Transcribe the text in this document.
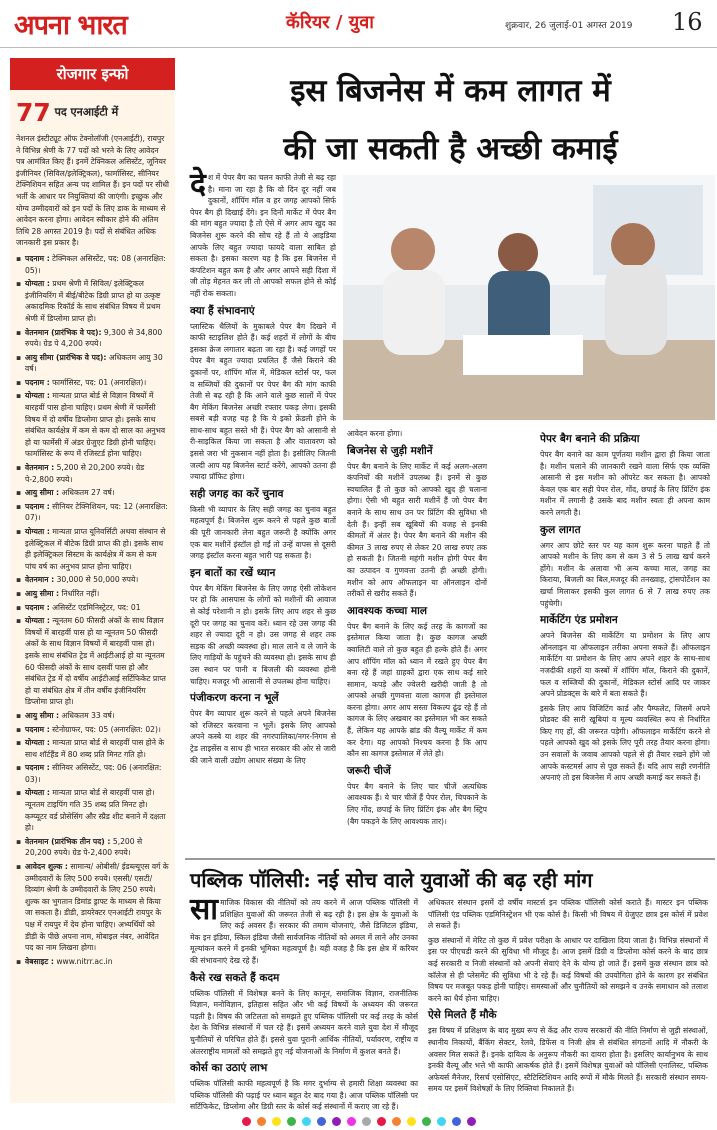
अपना भारत	कॅरियर / युवा	शुक्रवार, 26 जुलाई-01 अगस्त 2019 16
रोजगार इन्फो
77 पद एनआईटी में

नेशनल इंस्टीट्यूट ऑफ टेक्नोलॉजी (एनआईटी), रायपुर ने विभिन्न श्रेणी के 77 पदों को भरने के लिए आवेदन पत्र आमंत्रित किए हैं। इनमें टेक्निकल असिस्टेंट, जूनियर इंजीनियर (सिविल/इलेक्ट्रिकल), फार्मासिस्ट, सीनियर टेक्निशियन सहित अन्य पद शामिल हैं। इन पदों पर सीधी भर्ती के आधार पर नियुक्तियां की जाएंगी। इच्छुक और योग्य उम्मीदवारों को इन पदों के लिए डाक के माध्यम से आवेदन करना होगा। आवेदन स्वीकार होने की अंतिम तिथि 28 अगस्त 2019 है। पदों से संबंधित अधिक जानकारी इस प्रकार है।

▪ पदनाम : टेक्निकल असिस्टेंट, पद: 08 (अनारक्षित: 05)।
▪ योग्यता : प्रथम श्रेणी में सिविल/ इलेक्ट्रिकल इंजीनियरिंग में बीई/बीटेक डिग्री प्राप्त हो या उत्कृष्ट अकादमिक रिकॉर्ड के साथ संबंधित विषय में प्रथम श्रेणी में डिप्लोमा प्राप्त हो।
▪ वेतनमान (प्रारंभिक वे पद): 9,300 से 34,800 रुपये। ग्रेड पे 4,200 रुपये।
▪ आयु सीमा (प्रारंभिक वे पद): अधिकतम आयु 30 वर्ष।
▪ पदनाम : फार्मासिस्ट, पद: 01 (अनारक्षित)।
▪ योग्यता : मान्यता प्राप्त बोर्ड से विज्ञान विषयों में बारहवीं पास होना चाहिए। प्रथम श्रेणी में फार्मेसी विषय में दो वर्षीय डिप्लोमा प्राप्त हो। इसके साथ संबंधित कार्यक्षेत्र में कम से कम दो साल का अनुभव हो या फार्मेसी में अंडर ग्रेजुएट डिग्री होनी चाहिए। फार्मासिस्ट के रूप में रजिस्टर्ड होना चाहिए।
▪ वेतनमान : 5,200 से 20,200 रुपये। ग्रेड पे-2,800 रुपये।
▪ आयु सीमा : अधिकतम 27 वर्ष।
▪ पदनाम : सीनियर टेक्निशियन, पद: 12 (अनारक्षित: 07)।
▪ योग्यता : मान्यता प्राप्त यूनिवर्सिटी अथवा संस्थान से इलेक्ट्रिकल में बीटेक डिग्री प्राप्त की हो। इसके साथ ही इलेक्ट्रिकल सिस्टम के कार्यक्षेत्र में कम से कम पांच वर्ष का अनुभव प्राप्त होना चाहिए।
▪ वेतनमान : 30,000 से 50,000 रुपये।
▪ आयु सीमा : निर्धारित नहीं।
▪ पदनाम : असिस्टेंट एडमिनिस्ट्रेटर, पद: 01
▪ योग्यता : न्यूनतम 60 फीसदी अंकों के साथ विज्ञान विषयों में बारहवीं पास हो या न्यूनतम 50 फीसदी अंकों के साथ विज्ञान विषयों में बारहवीं पास हो। इसके साथ संबंधित ट्रेड में आईटीआई हो या न्यूनतम 60 फीसदी अंकों के साथ दसवीं पास हो और संबंधित ट्रेड में दो वर्षीय आईटीआई सर्टिफिकेट प्राप्त हो या संबंधित क्षेत्र में तीन वर्षीय इंजीनियरिंग डिप्लोमा प्राप्त हो।
▪ आयु सीमा : अधिकतम 33 वर्ष।
▪ पदनाम : स्टेनोग्राफर, पद: 05 (अनारक्षित: 02)।
▪ योग्यता : मान्यता प्राप्त बोर्ड से बारहवीं पास होने के साथ शॉर्टहैंड में 80 शब्द प्रति मिनट गति हो।
▪ पदनाम : सीनियर असिस्टेंट, पद: 06 (अनारक्षित: 03)।
▪ योग्यता : मान्यता प्राप्त बोर्ड से बारहवीं पास हो। न्यूनतम टाइपिंग गति 35 शब्द प्रति मिनट हो। कम्प्यूटर वर्ड प्रोसेसिंग और स्प्रैड शीट बनाने में दक्षता हो।
▪ वेतनमान (प्रारंभिक तीन पद) : 5,200 से 20,200 रुपये। ग्रेड पे-2,400 रुपये।
▪ आवेदन शुल्क : सामान्य/ ओबीसी/ ईडब्ल्यूएस वर्ग के उम्मीदवारों के लिए 500 रुपये। एससी/ एसटी/ दिव्यांग श्रेणी के उम्मीदवारों के लिए 250 रुपये। शुल्क का भुगतान डिमांड ड्राफ्ट के माध्यम से किया जा सकता है। डीडी, डायरेक्टर एनआईटी रायपुर के पक्ष में रायपुर में देय होना चाहिए। अभ्यर्थियों को डीडी के पीछे अपना नाम, मोबाइल नंबर, आवेदित पद का नाम लिखना होगा।
▪ वेबसाइट : www.nitrr.ac.in
इस बिजनेस में कम लागत में
की जा सकती है अच्छी कमाई

दे श में पेपर बैग का चलन काफी तेजी से बढ़ रहा है। माना जा रहा है कि वो दिन दूर नहीं जब दुकानों, शॉपिंग मॉल व हर जगह आपको सिर्फ पेपर बैग ही दिखाई देंगे। इन दिनों मार्केट में पेपर बैग की मांग बहुत ज्यादा है तो ऐसे में अगर आप खुद का बिजनेस शुरू करने की सोच रहे हैं तो ये आइडिया आपके लिए बहुत ज्यादा फायदे वाला साबित हो सकता है। इसका कारण यह है कि इस बिजनेस में कंपटिशन बहुत कम है और अगर आपने सही दिशा में जी तोड़ मेहनत कर ली तो आपको सफल होने से कोई नहीं रोक सकता।

क्या हैं संभावनाएं

प्लास्टिक थैलियों के मुकाबले पेपर बैग दिखने में काफी स्टाइलिश होते हैं। कई शहरों में लोगों के बीच इसका क्रेज लगातार बढ़ता जा रहा है। कई जगहों पर पेपर बैग बहुत ज्यादा प्रचलित हैं जैसे किराने की दुकानों पर, शॉपिंग मॉल में, मेडिकल स्टोर्स पर, फल व सब्जियों की दुकानों पर पेपर बैग की मांग काफी तेजी से बढ़ रही है कि आने वाले कुछ सालों में पेपर बैग मेकिंग बिजनेस अच्छी रफ्तार पकड़ लेगा। इसकी सबसे बड़ी वजह यह है कि ये इको फ्रेंडली होने के साथ-साथ बहुत सस्ते भी हैं। पेपर बैग को आसानी से री-साइकिल किया जा सकता है और वातावरण को इससे जरा भी नुकसान नहीं होता है। इसीलिए जितनी जल्दी आप यह बिजनेस स्टार्ट करेंगे, आपको उतना ही ज्यादा प्रॉफिट होगा।

सही जगह का करें चुनाव

किसी भी व्यापार के लिए सही जगह का चुनाव बहुत महत्वपूर्ण है। बिजनेस शुरू करने से पहले कुछ बातों की पूरी जानकारी लेना बहुत जरूरी है क्योंकि अगर एक बार मशीनें इंस्टॉल हो गईं तो उन्हें वापस से दूसरी जगह इंस्टॉल करना बहुत भारी पड़ सकता है।

इन बातों का रखें ध्यान

पेपर बैग मेकिंग बिजनेस के लिए जगह ऐसी लोकेशन पर हो कि आसपास के लोगों को मशीनों की आवाज से कोई परेशानी न हो। इसके लिए आप शहर से कुछ दूरी पर जगह का चुनाव करें। ध्यान रहे उस जगह की शहर से ज्यादा दूरी न हो। उस जगह से शहर तक सड़क की अच्छी व्यवस्था हो। माल लाने व ले जाने के लिए गाड़ियों के पहुंचने की व्यवस्था हो। इसके साथ ही उस स्थान पर पानी व बिजली की व्यवस्था होनी चाहिए। मजदूर भी आसानी से उपलब्ध होना चाहिए।

पंजीकरण करना न भूलें

पेपर बैग व्यापार शुरू करने से पहले अपने बिजनेस को रजिस्टर करवाना न भूलें। इसके लिए आपको अपने कस्बे या शहर की नगरपालिका/नगर-निगम से ट्रेड लाइसेंस व साथ ही भारत सरकार की ओर से जारी की जाने वाली उद्योग आधार संख्या के लिए

आवेदन करना होगा।

बिजनेस से जुड़ी मशीनें

पेपर बैग बनाने के लिए मार्केट में कई अलग-अलग कंपनियों की मशीनें उपलब्ध हैं। इनमें से कुछ स्वचालित हैं तो कुछ को आपको खुद ही चलाना होगा। ऐसी भी बहुत सारी मशीनें हैं जो पेपर बैग बनाने के साथ साथ उन पर प्रिंटिंग की सुविधा भी देती हैं। इन्हीं सब खूबियों की वजह से इनकी कीमतों में अंतर है। पेपर बैग बनाने की मशीन की कीमत 3 लाख रुपए से लेकर 20 लाख रुपए तक हो सकती है। जितनी महंगी मशीन होगी पेपर बैग का उत्पादन व गुणवत्ता उतनी ही अच्छी होगी। मशीन को आप ऑफलाइन या ऑनलाइन दोनों तरीकों से खरीद सकते हैं।

आवश्यक कच्चा माल

पेपर बैग बनाने के लिए कई तरह के कागजों का इस्तेमाल किया जाता है। कुछ कागज अच्छी क्वालिटी वाले तो कुछ बहुत ही हल्के होते हैं। अगर आप शॉपिंग मॉल को ध्यान में रखते हुए पेपर बैग बना रहे हैं जहां ग्राहकों द्वारा एक साथ कई सारे सामान, कपड़े और ज्वेलरी खरीदी जाती है तो आपको अच्छी गुणवत्ता वाला कागज ही इस्तेमाल करना होगा। अगर आप सस्ता विकल्प ढूंढ रहे हैं तो कागज के लिए अखबार का इस्तेमाल भी कर सकते हैं, लेकिन यह आपके ब्रांड की वैल्यू मार्केट में कम कर देगा। यह आपको निश्चय करना है कि आप कौन सा कागज इस्तेमाल में लेते हो।

जरूरी चीजें

पेपर बैग बनाने के लिए चार चीजें अत्यधिक आवश्यक हैं। ये चार चीजें हैं पेपर रोल, चिपकाने के लिए गोंद, छपाई के लिए प्रिंटिंग इंक और बैग स्ट्रिप (बैग पकड़ने के लिए आवश्यक तार)।

पेपर बैग बनाने की प्रक्रिया

पेपर बैग बनाने का काम पूर्णतया मशीन द्वारा ही किया जाता है। मशीन चलाने की जानकारी रखने वाला सिर्फ एक व्यक्ति आसानी से इस मशीन को ऑपरेट कर सकता है। आपको केवल एक बार सही पेपर रोल, गोंद, छपाई के लिए प्रिंटिंग इंक मशीन में लगानी है उसके बाद मशीन स्वतः ही अपना काम करने लगती है।

कुल लागत

अगर आप छोटे स्तर पर यह काम शुरू करना चाहते हैं तो आपको मशीन के लिए कम से कम 3 से 5 लाख खर्च करने होंगे। मशीन के अलावा भी अन्य कच्चा माल, जगह का किराया, बिजली का बिल,मजदूर की तनख्वाह, ट्रांसपोर्टेशन का खर्चा मिलाकर इसकी कुल लागत 6 से 7 लाख रुपए तक पहुंचेगी।

मार्केटिंग एंड प्रमोशन

अपने बिजनेस की मार्केटिंग या प्रमोशन के लिए आप ऑनलाइन या ऑफलाइन तरीका अपना सकते हैं। ऑफलाइन मार्केटिंग या प्रमोशन के लिए आप अपने शहर के साथ-साथ नजदीकी शहरों या कस्बों में शॉपिंग मॉल, किराने की दुकानें, फल व सब्जियों की दुकानों, मेडिकल स्टोर्स आदि पर जाकर अपने प्रोडक्ट्स के बारे में बता सकते हैं।

इसके लिए आप विजिटिंग कार्ड और पैम्फलेट, जिसमें अपने प्रोडक्ट की सारी खूबियां व मूल्य व्यवस्थित रूप से निर्धारित किए गए हों, की जरूरत पड़ेगी। ऑफलाइन मार्केटिंग करने से पहले आपको खुद को इसके लिए पूरी तरह तैयार करना होगा। उन सवालों के जवाब आपको पहले से ही तैयार रखने होंगे जो आपके कस्टमर्स आप से पूछ सकते हैं। यदि आप सही रणनीति अपनाएं तो इस बिजनेस में आप अच्छी कमाई कर सकते हैं।

पब्लिक पॉलिसी: नई सोच वाले युवाओं की बढ़ रही मांग

सा माजिक विकास की नीतियों को तय करने में आज पब्लिक पॉलिसी में प्रशिक्षित युवाओं की जरूरत तेजी से बढ़ रही है। इस क्षेत्र के युवाओं के लिए कई अवसर हैं। सरकार की तमाम योजनाएं, जैसे डिजिटल इंडिया, मेक इन इंडिया, स्किल इंडिया जैसी सार्वजनिक नीतियों को अमल में लाने और उनका मूल्यांकन करने में इनकी भूमिका महत्वपूर्ण है। यही वजह है कि इस क्षेत्र में करियर की संभावनाएं देख रहे हैं।

कैसे रख सकते हैं कदम

पब्लिक पॉलिसी में विशेषज्ञ बनने के लिए कानून, समाजिक विज्ञान, राजनीतिक विज्ञान, मनोविज्ञान, इतिहास सहित और भी कई विषयों के अध्ययन की जरूरत पड़ती है। विषय की जटिलता को समझते हुए पब्लिक पॉलिसी पर कई तरह के कोर्स देश के विभिन्न संस्थानों में चल रहे हैं। इसमें अध्ययन करने वाले युवा देश में मौजूद चुनौतियों से परिचित होते हैं। इससे युवा पूरानी आर्थिक नीतियों, पर्यावरण, राष्ट्रीय व अंतरराष्ट्रीय मामलों को समझते हुए नई योजनाओं के निर्माण में कुशल बनते हैं।

कोर्स का उठाएं लाभ

पब्लिक पॉलिसी काफी महत्वपूर्ण है कि मगर दुर्भाग्य से हमारी शिक्षा व्यवस्था का पब्लिक पॉलिसी की पढ़ाई पर ध्यान बहुत देर बाद गया है। आज पब्लिक पॉलिसी पर सर्टिफिकेट, डिप्लोमा और डिग्री स्तर के कोर्स कई संस्थानों में कराए जा रहे हैं।

अधिकतर संस्थान इसमें दो वर्षीय मास्टर्स इन पब्लिक पॉलिसी कोर्स कराते हैं। मास्टर इन पब्लिक पॉलिसी एंड पब्लिक एडमिनिस्ट्रेशन भी एक कोर्स है। किसी भी विषय में ग्रेजुएट छात्र इस कोर्स में प्रवेश ले सकते हैं।

कुछ संस्थानों में मेरिट तो कुछ में प्रवेश परीक्षा के आधार पर दाखिला दिया जाता है। विभिन्न संस्थानों में इस पर पीएचडी करने की सुविधा भी मौजूद है। आज इसमें डिग्री व डिप्लोमा कोर्स करने के बाद छात्र कई सरकारी व निजी संस्थानों को अपनी सेवाएं देने के योग्य हो जाते हैं। इसमें कुछ संस्थान छात्र को कॉलेज से ही प्लेसमेंट की सुविधा भी दे रहे हैं। कई विषयों की उपयोगिता होने के कारण हर संबंधित विषय पर मजबूत पकड़ होनी चाहिए। समस्याओं और चुनौतियों को समझने व उनके समाधान को तलाश करने का धैर्य होना चाहिए।

ऐसे मिलते हैं मौके

इस विषय में प्रशिक्षण के बाद मुख्य रूप से केंद्र और राज्य सरकारों की नीति निर्माण से जुड़ी संस्थाओं, स्थानीय निकायों, बैंकिंग सेक्टर, रेलवे, डिफेंस व निजी क्षेत्र से संबंधित संगठनों आदि में नौकरी के अवसर मिल सकते हैं। इनके दायित्व के अनुरूप नौकरी का दायरा होता है। इसलिए कार्यानुभव के साथ इनकी वैल्यू और भत्ते भी काफी आकर्षक होते हैं। इसमें विशेषज्ञ युवाओं को पॉलिसी एनालिस्ट, पब्लिक अफेयर्स मैनेजर, रिसर्च एसोसिएट, स्टैटिस्टिशियन आदि रूपों में मौके मिलते हैं। सरकारी संस्थान समय-समय पर इसमें विशेषज्ञों के लिए रिक्तियां निकालते हैं।
